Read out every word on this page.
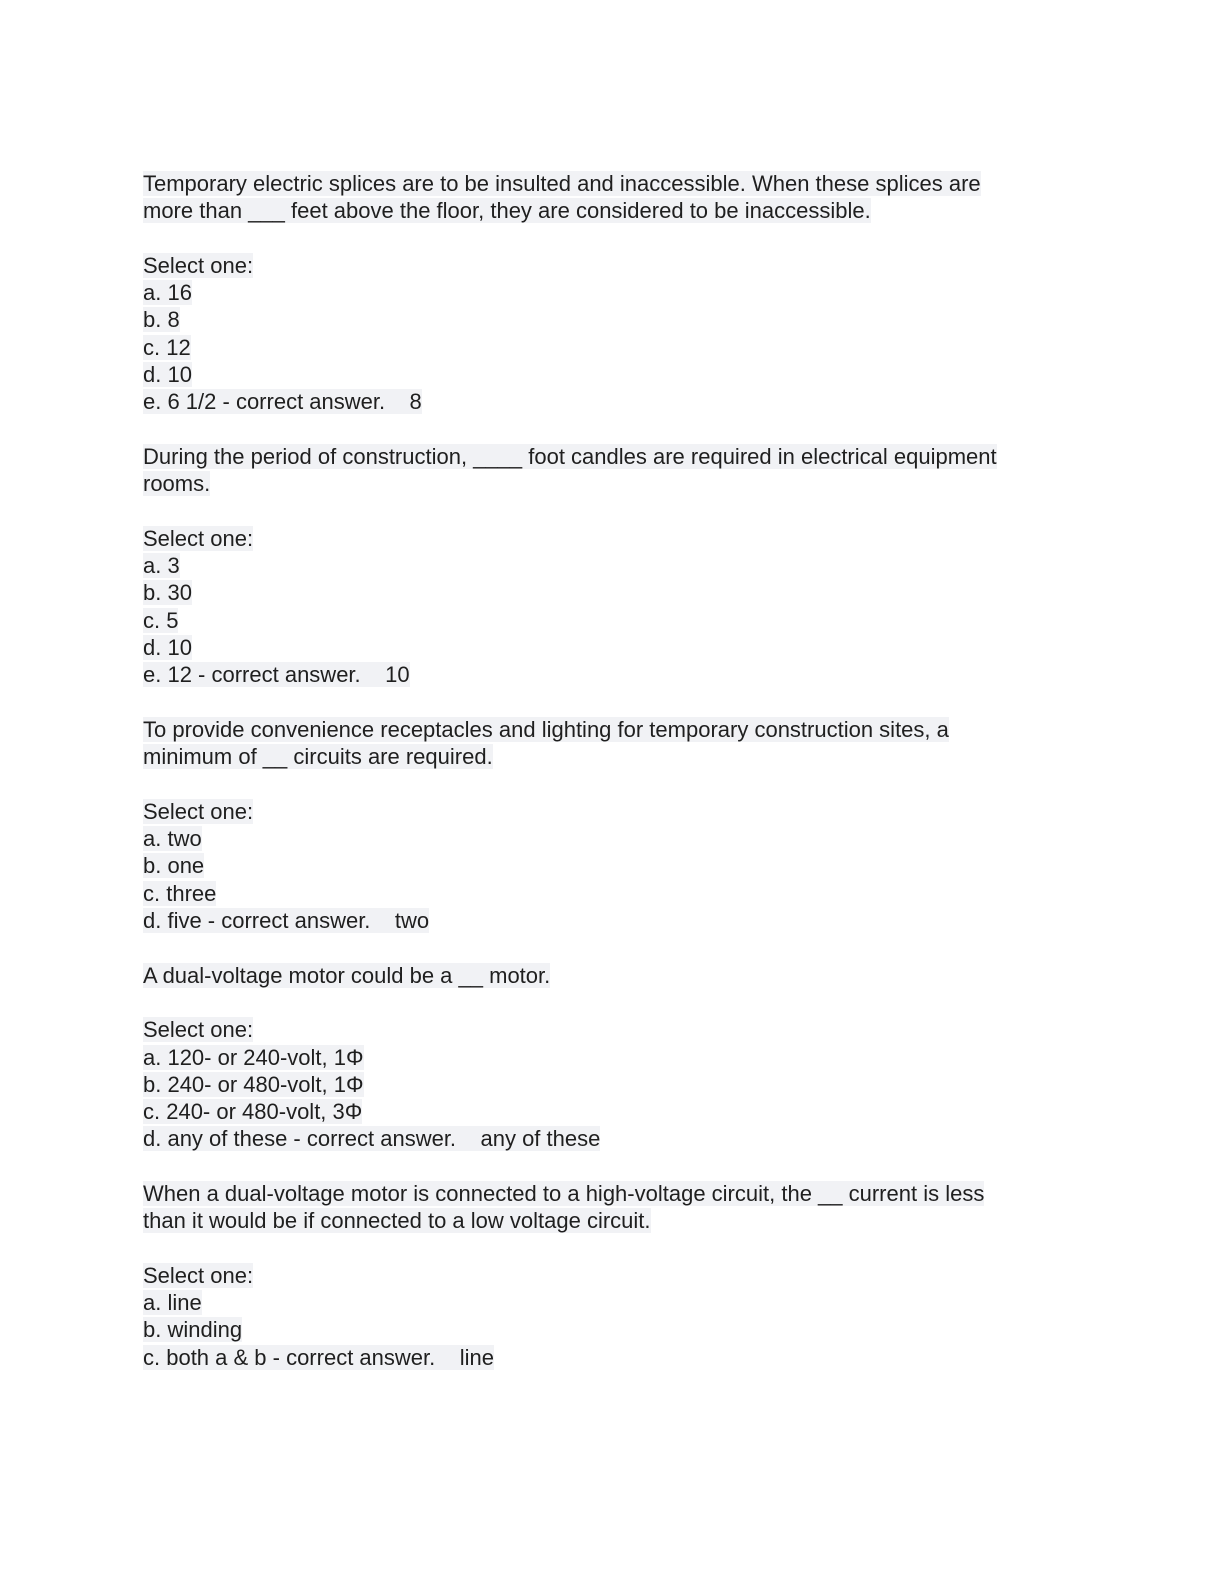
Temporary electric splices are to be insulted and inaccessible. When these splices are
more than ___ feet above the floor, they are considered to be inaccessible.
Select one:
a. 16
b. 8
c. 12
d. 10
e. 6 1/2 - correct answer.    8
During the period of construction, ____ foot candles are required in electrical equipment
rooms.
Select one:
a. 3
b. 30
c. 5
d. 10
e. 12 - correct answer.    10
To provide convenience receptacles and lighting for temporary construction sites, a
minimum of __ circuits are required.
Select one:
a. two
b. one
c. three
d. five - correct answer.    two
A dual-voltage motor could be a __ motor.
Select one:
a. 120- or 240-volt, 1Φ
b. 240- or 480-volt, 1Φ
c. 240- or 480-volt, 3Φ
d. any of these - correct answer.    any of these
When a dual-voltage motor is connected to a high-voltage circuit, the __ current is less
than it would be if connected to a low voltage circuit.
Select one:
a. line
b. winding
c. both a & b - correct answer.    line
